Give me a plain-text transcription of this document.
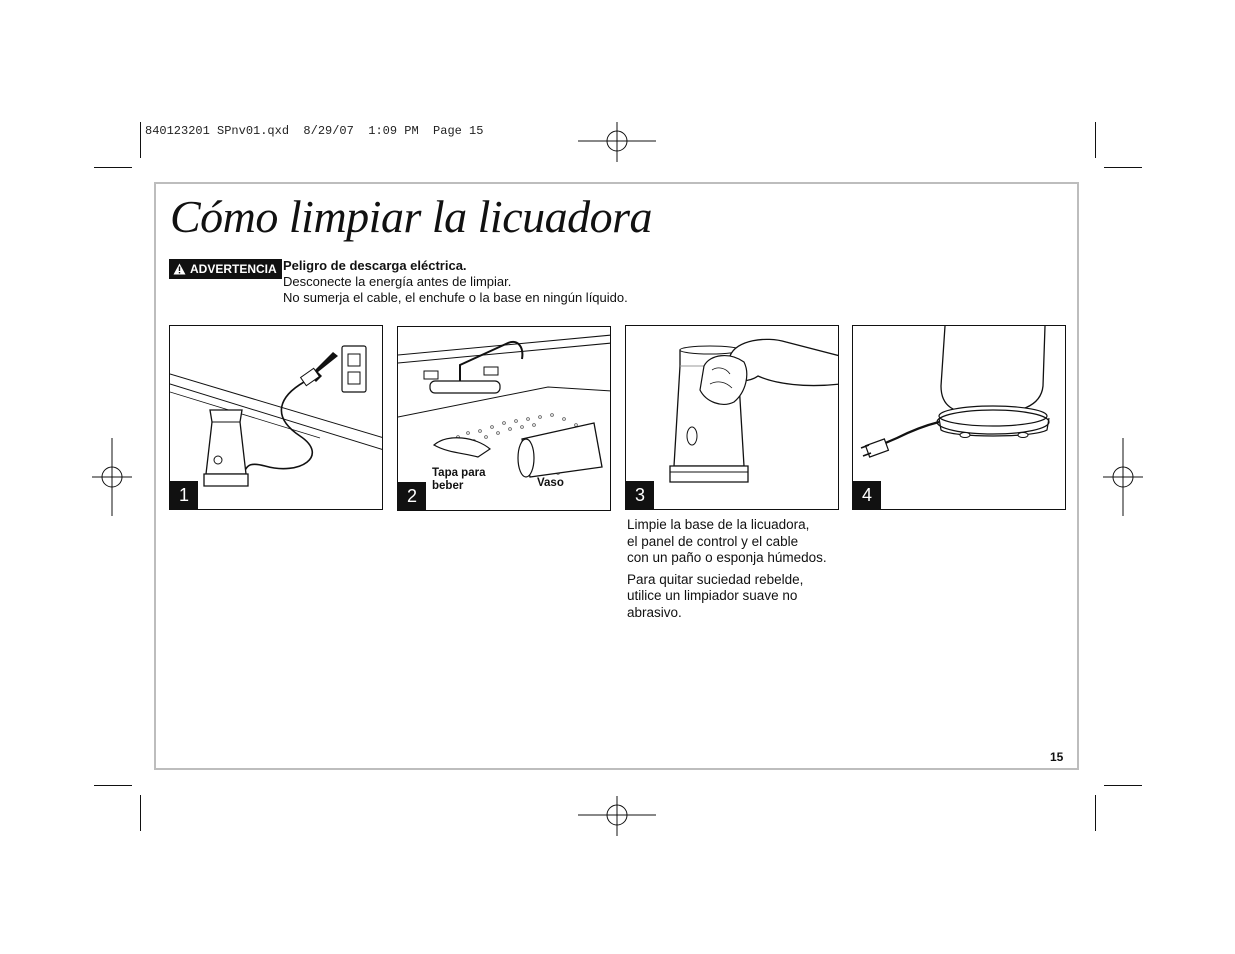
840123201 SPnv01.qxd  8/29/07  1:09 PM  Page 15
Cómo limpiar la licuadora
ADVERTENCIA Peligro de descarga eléctrica.
Desconecte la energía antes de limpiar.
No sumerja el cable, el enchufe o la base en ningún líquido.
1
Tapa para beber	Vaso
2	3	4
Limpie la base de la licuadora,
el panel de control y el cable
con un paño o esponja húmedos.
Para quitar suciedad rebelde,
utilice un limpiador suave no
abrasivo.
15
